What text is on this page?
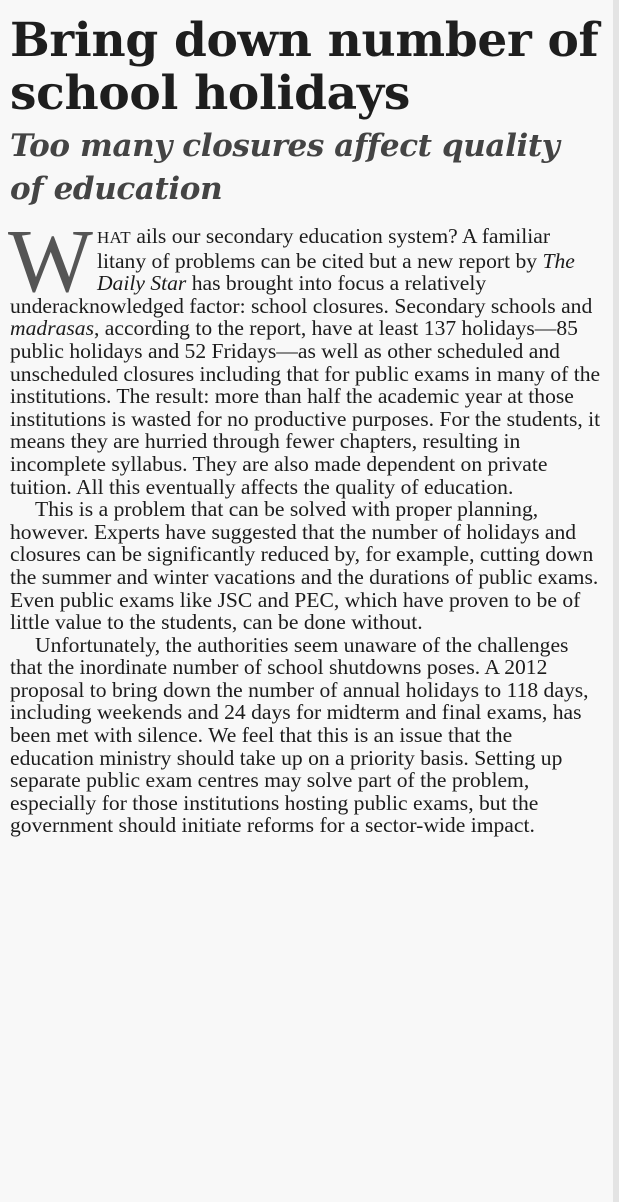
Bring down number of school holidays
Too many closures affect quality of education

WHAT ails our secondary education system? A familiar litany of problems can be cited but a new report by The Daily Star has brought into focus a relatively underacknowledged factor: school closures. Secondary schools and madrasas, according to the report, have at least 137 holidays—85 public holidays and 52 Fridays—as well as other scheduled and unscheduled closures including that for public exams in many of the institutions. The result: more than half the academic year at those institutions is wasted for no productive purposes. For the students, it means they are hurried through fewer chapters, resulting in incomplete syllabus. They are also made dependent on private tuition. All this eventually affects the quality of education.

This is a problem that can be solved with proper planning, however. Experts have suggested that the number of holidays and closures can be significantly reduced by, for example, cutting down the summer and winter vacations and the durations of public exams. Even public exams like JSC and PEC, which have proven to be of little value to the students, can be done without.

Unfortunately, the authorities seem unaware of the challenges that the inordinate number of school shutdowns poses. A 2012 proposal to bring down the number of annual holidays to 118 days, including weekends and 24 days for midterm and final exams, has been met with silence. We feel that this is an issue that the education ministry should take up on a priority basis. Setting up separate public exam centres may solve part of the problem, especially for those institutions hosting public exams, but the government should initiate reforms for a sector-wide impact.
